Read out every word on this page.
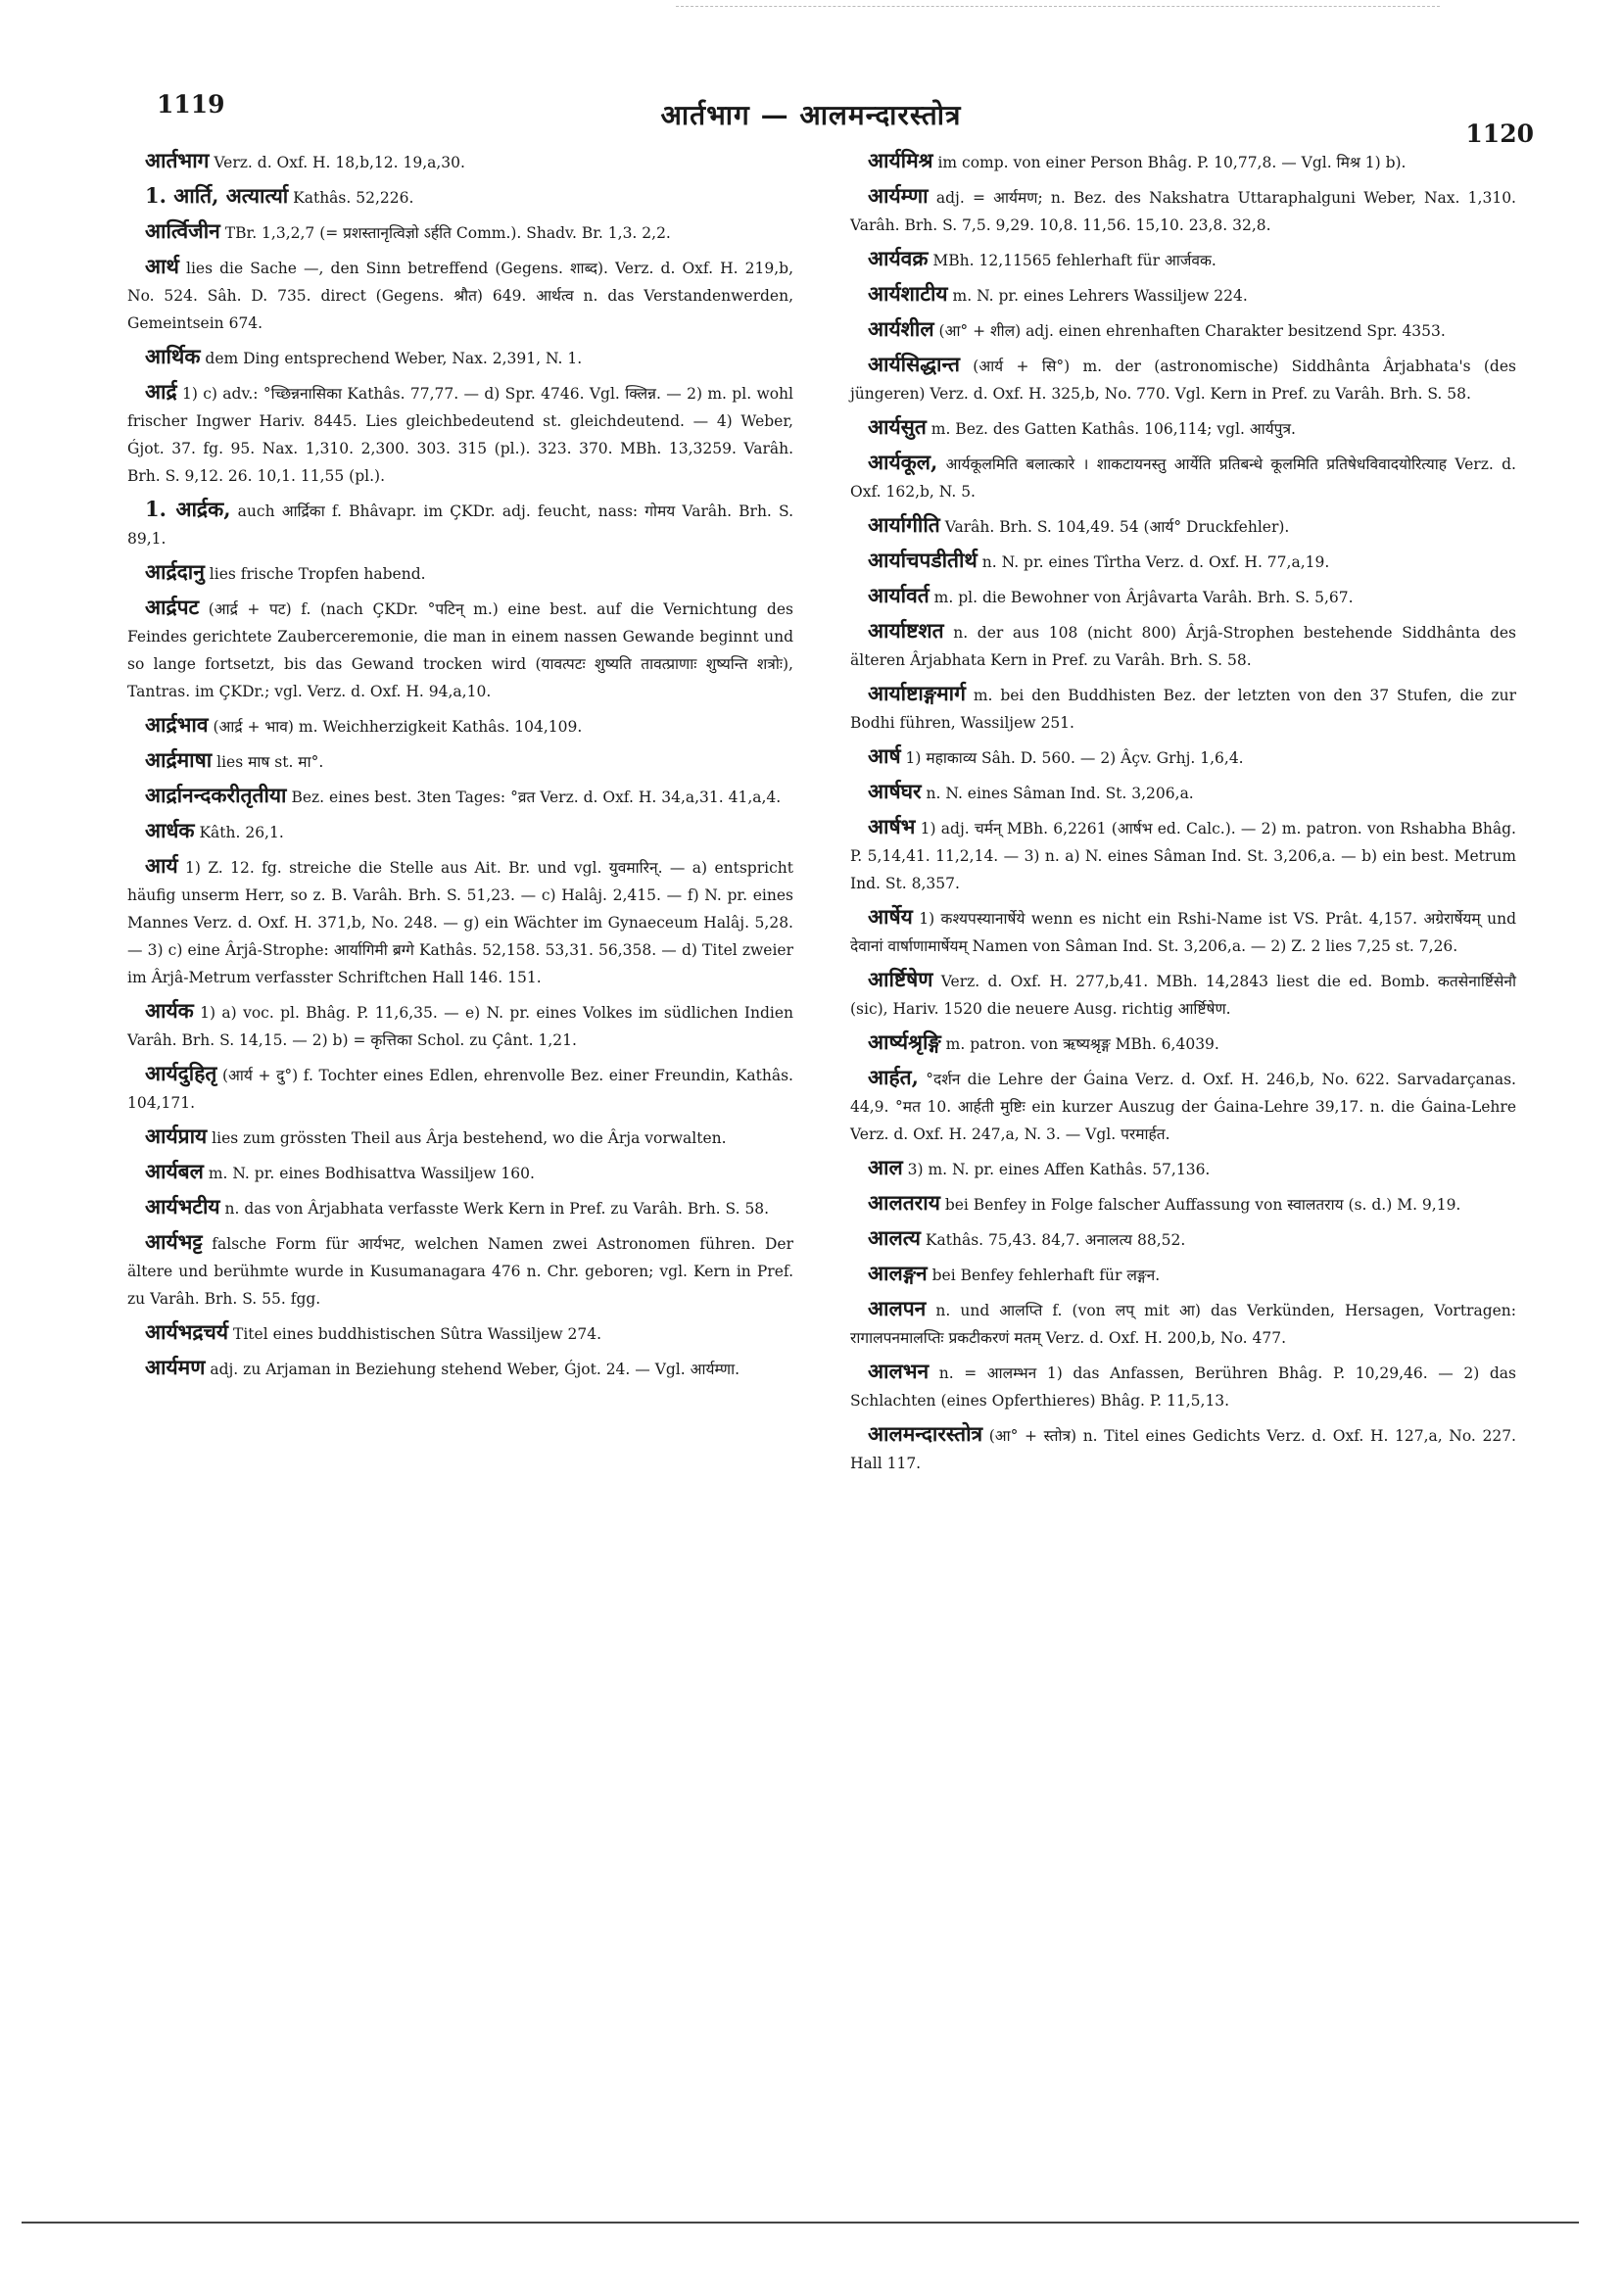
1119	आर्तभाग — आलमन्दारस्तोत्र
1120

आर्तभाग Verz. d. Oxf. H. 18,b,12. 19,a,30.

1. आर्ति, अत्यार्त्या Kathâs. 52,226.

आर्त्विजीन TBr. 1,3,2,7 (= प्रशस्तानृत्विज्ञो ऽर्हति Comm.). Shadv. Br. 1,3. 2,2.

आर्थ lies die Sache —, den Sinn betreffend (Gegens. शाब्द). Verz. d. Oxf. H. 219,b, No. 524. Sâh. D. 735. direct (Gegens. श्रौत) 649. आर्थत्व n. das Verstandenwerden, Gemeintsein 674.

आर्थिक dem Ding entsprechend Weber, Nax. 2,391, N. 1.

आर्द्र 1) c) adv.: °च्छिन्ननासिका Kathâs. 77,77. — d) Spr. 4746. Vgl. क्लिन्न. — 2) m. pl. wohl frischer Ingwer Hariv. 8445. Lies gleichbedeutend st. gleichdeutend. — 4) Weber, Ǵjot. 37. fg. 95. Nax. 1,310. 2,300. 303. 315 (pl.). 323. 370. MBh. 13,3259. Varâh. Brh. S. 9,12. 26. 10,1. 11,55 (pl.).

1. आर्द्रक, auch आर्द्रिका f. Bhâvapr. im ÇKDr. adj. feucht, nass: गोमय Varâh. Brh. S. 89,1.

आर्द्रदानु lies frische Tropfen habend.

आर्द्रपट (आर्द्र + पट) f. (nach ÇKDr. °पटिन् m.) eine best. auf die Vernichtung des Feindes gerichtete Zauberceremonie, die man in einem nassen Gewande beginnt und so lange fortsetzt, bis das Gewand trocken wird (यावत्पटः शुष्यति तावत्प्राणाः शुष्यन्ति शत्रोः), Tantras. im ÇKDr.; vgl. Verz. d. Oxf. H. 94,a,10.

आर्द्रभाव (आर्द्र + भाव) m. Weichherzigkeit Kathâs. 104,109.

आर्द्रमाषा lies माष st. मा°.

आर्द्रानन्दकरीतृतीया Bez. eines best. 3ten Tages: °व्रत Verz. d. Oxf. H. 34,a,31. 41,a,4.

आर्धक Kâth. 26,1.

आर्य 1) Z. 12. fg. streiche die Stelle aus Ait. Br. und vgl. युवमारिन्. — a) entspricht häufig unserm Herr, so z. B. Varâh. Brh. S. 51,23. — c) Halâj. 2,415. — f) N. pr. eines Mannes Verz. d. Oxf. H. 371,b, No. 248. — g) ein Wächter im Gynaeceum Halâj. 5,28. — 3) c) eine Ârjâ-Strophe: आर्यागिमी ब्रग्गे Kathâs. 52,158. 53,31. 56,358. — d) Titel zweier im Ârjâ-Metrum verfasster Schriftchen Hall 146. 151.

आर्यक 1) a) voc. pl. Bhâg. P. 11,6,35. — e) N. pr. eines Volkes im südlichen Indien Varâh. Brh. S. 14,15. — 2) b) = कृत्तिका Schol. zu Çânt. 1,21.

आर्यदुहितृ (आर्य + दु°) f. Tochter eines Edlen, ehrenvolle Bez. einer Freundin, Kathâs. 104,171.

आर्यप्राय lies zum grössten Theil aus Ârja bestehend, wo die Ârja vorwalten.

आर्यबल m. N. pr. eines Bodhisattva Wassiljew 160.

आर्यभटीय n. das von Ârjabhata verfasste Werk Kern in Pref. zu Varâh. Brh. S. 58.

आर्यभट्ट falsche Form für आर्यभट, welchen Namen zwei Astronomen führen. Der ältere und berühmte wurde in Kusumanagara 476 n. Chr. geboren; vgl. Kern in Pref. zu Varâh. Brh. S. 55. fgg.

आर्यभद्रचर्य Titel eines buddhistischen Sûtra Wassiljew 274.

आर्यमण adj. zu Arjaman in Beziehung stehend Weber, Ǵjot. 24. — Vgl. आर्यम्णा.

आर्यमिश्र im comp. von einer Person Bhâg. P. 10,77,8. — Vgl. मिश्र 1) b).

आर्यम्णा adj. = आर्यमण; n. Bez. des Nakshatra Uttaraphalguni Weber, Nax. 1,310. Varâh. Brh. S. 7,5. 9,29. 10,8. 11,56. 15,10. 23,8. 32,8.

आर्यवक्र MBh. 12,11565 fehlerhaft für आर्जवक.

आर्यशाटीय m. N. pr. eines Lehrers Wassiljew 224.

आर्यशील (आ° + शील) adj. einen ehrenhaften Charakter besitzend Spr. 4353.

आर्यसिद्धान्त (आर्य + सि°) m. der (astronomische) Siddhânta Ârjabhata's (des jüngeren) Verz. d. Oxf. H. 325,b, No. 770. Vgl. Kern in Pref. zu Varâh. Brh. S. 58.

आर्यसुत m. Bez. des Gatten Kathâs. 106,114; vgl. आर्यपुत्र.

आर्यकूल, आर्यकूलमिति बलात्कारे । शाकटायनस्तु आर्येति प्रतिबन्धे कूलमिति प्रतिषेधविवादयोरित्याह Verz. d. Oxf. 162,b, N. 5.

आर्यागीति Varâh. Brh. S. 104,49. 54 (आर्य° Druckfehler).

आर्याचपडीतीर्थ n. N. pr. eines Tîrtha Verz. d. Oxf. H. 77,a,19.

आर्यावर्त m. pl. die Bewohner von Ârjâvarta Varâh. Brh. S. 5,67.

आर्याष्टशत n. der aus 108 (nicht 800) Ârjâ-Strophen bestehende Siddhânta des älteren Ârjabhata Kern in Pref. zu Varâh. Brh. S. 58.

आर्याष्टाङ्गमार्ग m. bei den Buddhisten Bez. der letzten von den 37 Stufen, die zur Bodhi führen, Wassiljew 251.

आर्ष 1) महाकाव्य Sâh. D. 560. — 2) Âçv. Grhj. 1,6,4.

आर्षघर n. N. eines Sâman Ind. St. 3,206,a.

आर्षभ 1) adj. चर्मन् MBh. 6,2261 (आर्षभ ed. Calc.). — 2) m. patron. von Rshabha Bhâg. P. 5,14,41. 11,2,14. — 3) n. a) N. eines Sâman Ind. St. 3,206,a. — b) ein best. Metrum Ind. St. 8,357.

आर्षेय 1) कश्यपस्यानार्षेये wenn es nicht ein Rshi-Name ist VS. Prât. 4,157. अग्रेरार्षेयम् und देवानां वार्षाणामार्षेयम् Namen von Sâman Ind. St. 3,206,a. — 2) Z. 2 lies 7,25 st. 7,26.

आर्ष्टिषेण Verz. d. Oxf. H. 277,b,41. MBh. 14,2843 liest die ed. Bomb. कतसेनार्ष्टिसेनौ (sic), Hariv. 1520 die neuere Ausg. richtig आर्ष्टिषेण.

आर्ष्यश्रृङ्गि m. patron. von ऋष्यश्रृङ्ग MBh. 6,4039.

आर्हत, °दर्शन die Lehre der Ǵaina Verz. d. Oxf. H. 246,b, No. 622. Sarvadarçanas. 44,9. °मत 10. आर्हती मुष्टिः ein kurzer Auszug der Ǵaina-Lehre 39,17. n. die Ǵaina-Lehre Verz. d. Oxf. H. 247,a, N. 3. — Vgl. परमार्हत.

आल 3) m. N. pr. eines Affen Kathâs. 57,136.

आलतराय bei Benfey in Folge falscher Auffassung von स्वालतराय (s. d.) M. 9,19.

आलत्य Kathâs. 75,43. 84,7. अनालत्य 88,52.

आलङ्गन bei Benfey fehlerhaft für लङ्गन.

आलपन n. und आलप्ति f. (von लप् mit आ) das Verkünden, Hersagen, Vortragen: रागालपनमालप्तिः प्रकटीकरणं मतम् Verz. d. Oxf. H. 200,b, No. 477.

आलभन n. = आलम्भन 1) das Anfassen, Berühren Bhâg. P. 10,29,46. — 2) das Schlachten (eines Opferthieres) Bhâg. P. 11,5,13.

आलमन्दारस्तोत्र (आ° + स्तोत्र) n. Titel eines Gedichts Verz. d. Oxf. H. 127,a, No. 227. Hall 117.
